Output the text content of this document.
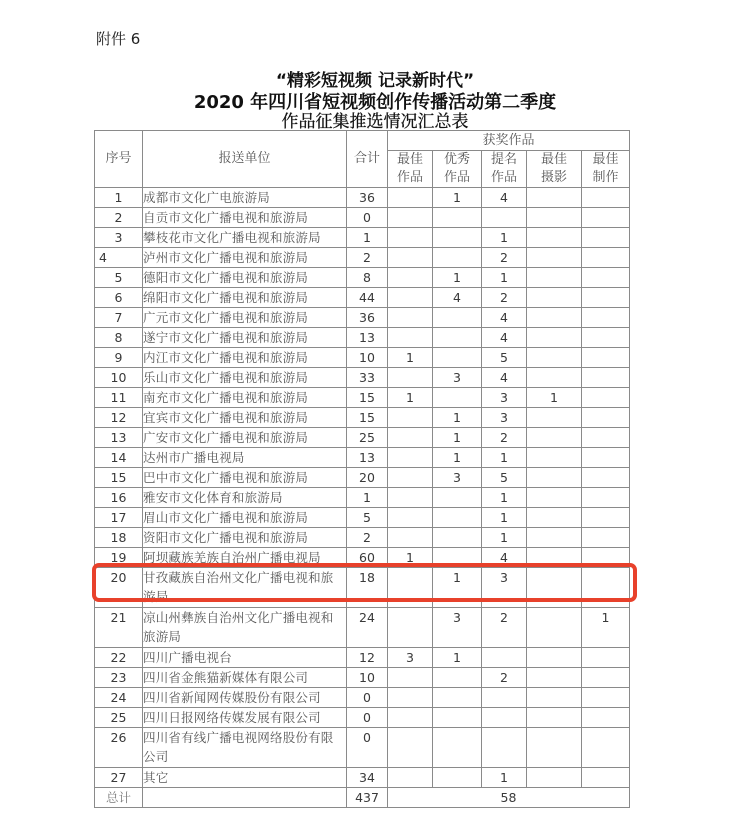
附件 6
“精彩短视频 记录新时代”
2020 年四川省短视频创作传播活动第二季度
作品征集推选情况汇总表
序号	报送单位	合计	获奖作品				
			最佳作品	优秀作品	提名作品	最佳摄影	最佳制作
1	成都市文化广电旅游局	36		1	4		
2	自贡市文化广播电视和旅游局	0					
3	攀枝花市文化广播电视和旅游局	1			1		
4	泸州市文化广播电视和旅游局	2			2		
5	德阳市文化广播电视和旅游局	8		1	1		
6	绵阳市文化广播电视和旅游局	44		4	2		
7	广元市文化广播电视和旅游局	36			4		
8	遂宁市文化广播电视和旅游局	13			4		
9	内江市文化广播电视和旅游局	10	1		5		
10	乐山市文化广播电视和旅游局	33		3	4		
11	南充市文化广播电视和旅游局	15	1		3	1	
12	宜宾市文化广播电视和旅游局	15		1	3		
13	广安市文化广播电视和旅游局	25		1	2		
14	达州市广播电视局	13		1	1		
15	巴中市文化广播电视和旅游局	20		3	5		
16	雅安市文化体育和旅游局	1			1		
17	眉山市文化广播电视和旅游局	5			1		
18	资阳市文化广播电视和旅游局	2			1		
19	阿坝藏族羌族自治州广播电视局	60	1		4		
20	甘孜藏族自治州文化广播电视和旅游局	18		1	3		
21	凉山州彝族自治州文化广播电视和旅游局	24		3	2		1
22	四川广播电视台	12	3	1			
23	四川省金熊猫新媒体有限公司	10			2		
24	四川省新闻网传媒股份有限公司	0					
25	四川日报网络传媒发展有限公司	0					
26	四川省有线广播电视网络股份有限公司	0					
27	其它	34			1		
总计		437	58				
